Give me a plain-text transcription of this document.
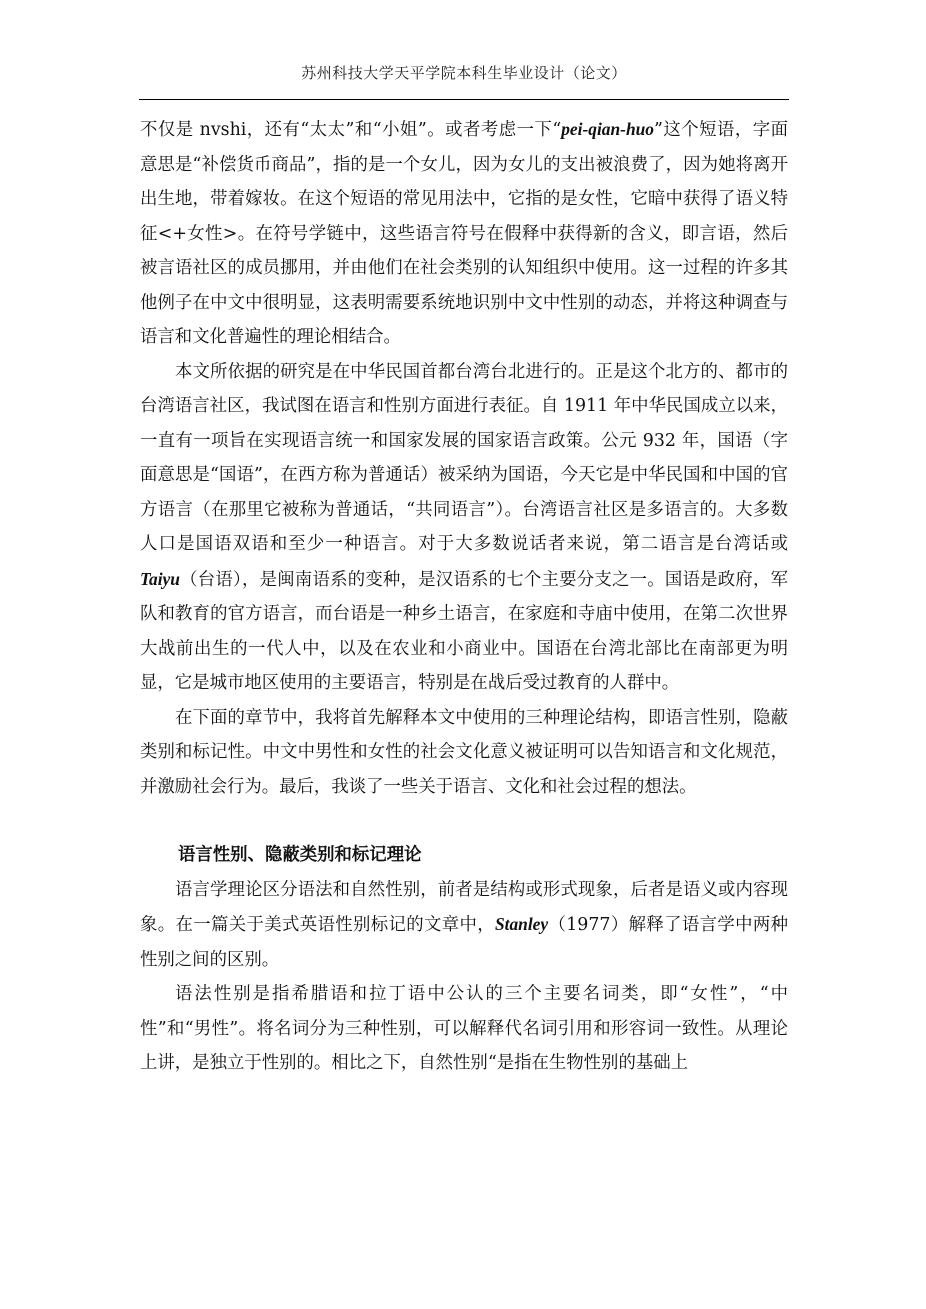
苏州科技大学天平学院本科生毕业设计（论文）

不仅是 nvshi，还有“太太”和“小姐”。或者考虑一下“pei-qian-huo”这个短语，字面意思是“补偿货币商品”，指的是一个女儿，因为女儿的支出被浪费了，因为她将离开出生地，带着嫁妆。在这个短语的常见用法中，它指的是女性，它暗中获得了语义特征<+女性>。在符号学链中，这些语言符号在假释中获得新的含义，即言语，然后被言语社区的成员挪用，并由他们在社会类别的认知组织中使用。这一过程的许多其他例子在中文中很明显，这表明需要系统地识别中文中性别的动态，并将这种调查与语言和文化普遍性的理论相结合。

本文所依据的研究是在中华民国首都台湾台北进行的。正是这个北方的、都市的台湾语言社区，我试图在语言和性别方面进行表征。自 1911 年中华民国成立以来，一直有一项旨在实现语言统一和国家发展的国家语言政策。公元 932 年，国语（字面意思是“国语”，在西方称为普通话）被采纳为国语，今天它是中华民国和中国的官方语言（在那里它被称为普通话，“共同语言”）。台湾语言社区是多语言的。大多数人口是国语双语和至少一种语言。对于大多数说话者来说，第二语言是台湾话或 Taiyu（台语），是闽南语系的变种，是汉语系的七个主要分支之一。国语是政府，军队和教育的官方语言，而台语是一种乡土语言，在家庭和寺庙中使用，在第二次世界大战前出生的一代人中，以及在农业和小商业中。国语在台湾北部比在南部更为明显，它是城市地区使用的主要语言，特别是在战后受过教育的人群中。

在下面的章节中，我将首先解释本文中使用的三种理论结构，即语言性别，隐蔽类别和标记性。中文中男性和女性的社会文化意义被证明可以告知语言和文化规范，并激励社会行为。最后，我谈了一些关于语言、文化和社会过程的想法。

语言性别、隐蔽类别和标记理论

语言学理论区分语法和自然性别，前者是结构或形式现象，后者是语义或内容现象。在一篇关于美式英语性别标记的文章中，Stanley（1977）解释了语言学中两种性别之间的区别。

语法性别是指希腊语和拉丁语中公认的三个主要名词类，即“女性”，“中性”和“男性”。将名词分为三种性别，可以解释代名词引用和形容词一致性。从理论上讲，是独立于性别的。相比之下，自然性别“是指在生物性别的基础上
